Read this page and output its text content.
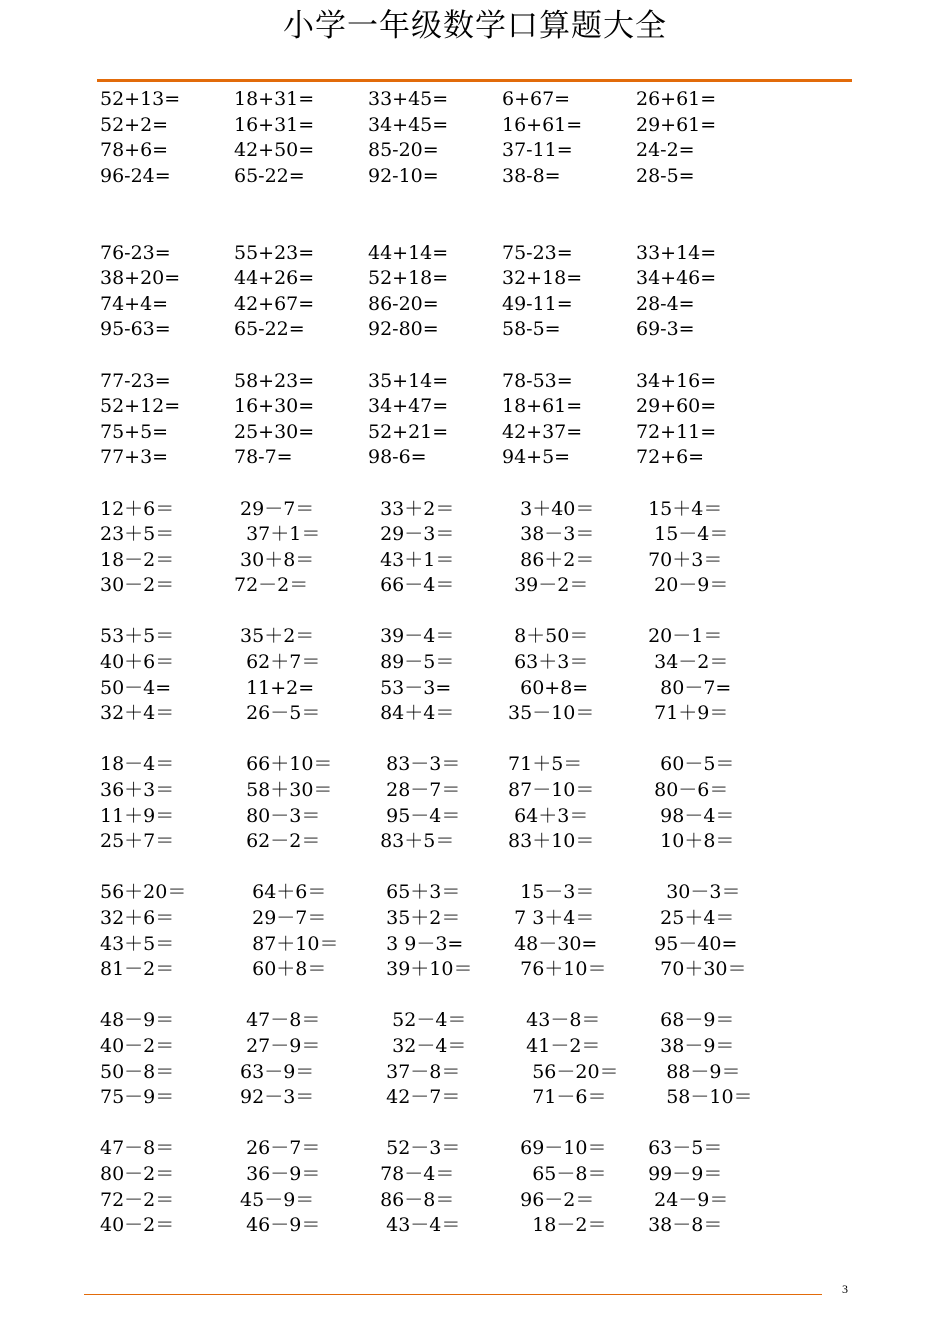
小学一年级数学口算题大全
52+13=	18+31=	33+45=	6+67=	26+61=
52+2=	16+31=	34+45=	16+61=	29+61=
78+6=	42+50=	85-20=	37-11=	24-2=
96-24=	65-22=	92-10=	38-8=	28-5=
76-23=	55+23=	44+14=	75-23=	33+14=
38+20=	44+26=	52+18=	32+18=	34+46=
74+4=	42+67=	86-20=	49-11=	28-4=
95-63=	65-22=	92-80=	58-5=	69-3=
77-23=	58+23=	35+14=	78-53=	34+16=
52+12=	16+30=	34+47=	18+61=	29+60=
75+5=	25+30=	52+21=	42+37=	72+11=
77+3=	78-7=	98-6=	94+5=	72+6=
12＋6＝	29－7＝	33＋2＝	3＋40＝	15＋4＝
23＋5＝	37＋1＝	29－3＝	38－3＝	15－4＝
18－2＝	30＋8＝	43＋1＝	86＋2＝	70＋3＝
30－2＝	72－2＝	66－4＝	39－2＝	20－9＝
53＋5＝	35＋2＝	39－4＝	8＋50＝	20－1＝
40＋6＝	62＋7＝	89－5＝	63＋3＝	34－2＝
50－4=	11+2=	53－3=	60+8=	80－7=
32＋4＝	26－5＝	84＋4＝	35－10＝	71＋9＝
18－4＝	66＋10＝	83－3＝	71＋5＝	60－5＝
36＋3＝	58＋30＝	28－7＝	87－10＝	80－6＝
11＋9＝	80－3＝	95－4＝	64＋3＝	98－4＝
25＋7＝	62－2＝	83＋5＝	83＋10＝	10＋8＝
56＋20＝	64＋6＝	65＋3＝	15－3＝	30－3＝
32＋6＝	29－7＝	35＋2＝	7 3＋4＝	25＋4＝
43＋5＝	87＋10＝	3 9－3=	48－30=	95－40=
81－2＝	60＋8＝	39＋10＝	76＋10＝	70＋30＝
48－9＝	47－8＝	52－4＝	43－8＝	68－9＝
40－2＝	27－9＝	32－4＝	41－2＝	38－9＝
50－8＝	63－9＝	37－8＝	56－20＝ 88－9＝
75－9＝	92－3＝	42－7＝	71－6＝	58－10＝
47－8＝	26－7＝	52－3＝	69－10＝	63－5＝
80－2＝	36－9＝	78－4＝	65－8＝	99－9＝
72－2＝	45－9＝	86－8＝	96－2＝	24－9＝
40－2＝	46－9＝	43－4＝	18－2＝	38－8＝
3
